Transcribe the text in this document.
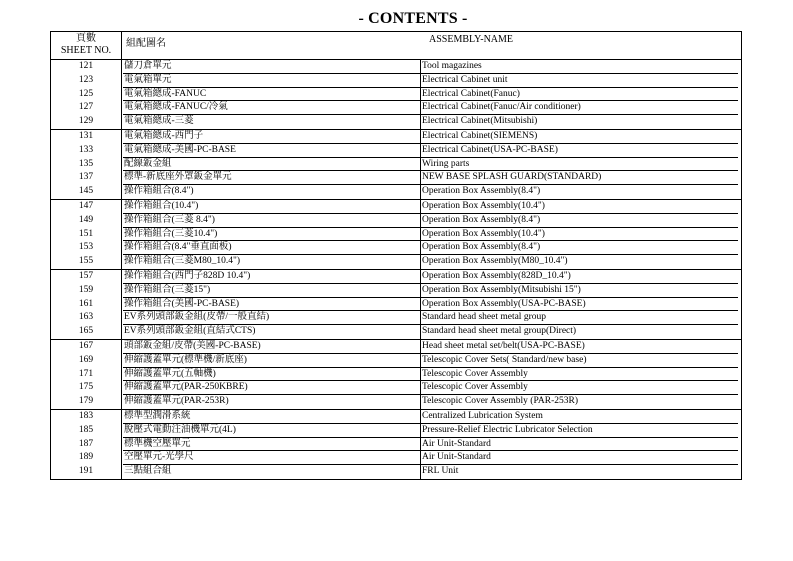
- CONTENTS -
頁數
SHEET NO.
組配圖名	ASSEMBLY-NAME
121	儲刀倉單元	Tool magazines
123	電氣箱單元	Electrical Cabinet unit
125	電氣箱總成-FANUC	Electrical Cabinet(Fanuc)
127	電氣箱總成-FANUC/冷氣	Electrical Cabinet(Fanuc/Air conditioner)
129	電氣箱總成-三菱	Electrical Cabinet(Mitsubishi)
131	電氣箱總成-西門子	Electrical Cabinet(SIEMENS)
133	電氣箱總成-美國-PC-BASE	Electrical Cabinet(USA-PC-BASE)
135	配線鈑金組	Wiring parts
137	標準-新底座外罩鈑金單元	NEW BASE SPLASH GUARD(STANDARD)
145	操作箱組合(8.4")	Operation Box Assembly(8.4")
147	操作箱組合(10.4")	Operation Box Assembly(10.4")
149	操作箱組合(三菱 8.4")	Operation Box Assembly(8.4")
151	操作箱組合(三菱10.4")	Operation Box Assembly(10.4")
153	操作箱組合(8.4"垂直面板)	Operation Box Assembly(8.4")
155	操作箱組合(三菱M80_10.4")	Operation Box Assembly(M80_10.4")
157	操作箱組合(西門子828D 10.4")	Operation Box Assembly(828D_10.4")
159	操作箱組合(三菱15")	Operation Box Assembly(Mitsubishi 15")
161	操作箱組合(美國-PC-BASE)	Operation Box Assembly(USA-PC-BASE)
163	EV系列頭部鈑金組(皮帶/一般直結)	Standard head sheet metal group
165	EV系列頭部鈑金組(直結式CTS)	Standard head sheet metal group(Direct)
167	頭部鈑金組/皮帶(美國-PC-BASE)	Head sheet metal set/belt(USA-PC-BASE)
169	伸縮護蓋單元(標準機/新底座)	Telescopic Cover Sets( Standard/new base)
171	伸縮護蓋單元(五軸機)	Telescopic Cover Assembly
175	伸縮護蓋單元(PAR-250KBRE)	Telescopic Cover Assembly
179	伸縮護蓋單元(PAR-253R)	Telescopic Cover Assembly (PAR-253R)
183	標準型潤滑系統	Centralized Lubrication System
185	脫壓式電動注油機單元(4L)	Pressure-Relief Electric Lubricator Selection
187	標準機空壓單元	Air Unit-Standard
189	空壓單元-光學尺	Air Unit-Standard
191	三點組合組	FRL Unit
